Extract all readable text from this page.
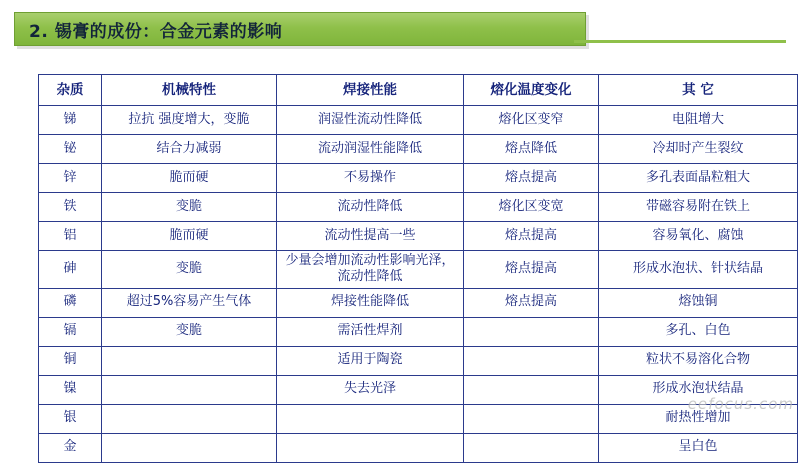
2. 锡膏的成份：合金元素的影响
杂质	机械特性	焊接性能	熔化温度变化	其 它
锑	拉抗 强度增大，变脆	润湿性流动性降低	熔化区变窄	电阻增大
铋	结合力减弱	流动润湿性能降低	熔点降低	冷却时产生裂纹
锌	脆而硬	不易操作	熔点提高	多孔表面晶粒粗大
铁	变脆	流动性降低	熔化区变宽	带磁容易附在铁上
铝	脆而硬	流动性提高一些	熔点提高	容易氧化、腐蚀
砷	变脆	少量会增加流动性影响光泽，流动性降低	熔点提高	形成水泡状、针状结晶
磷	超过5%容易产生气体	焊接性能降低	熔点提高	熔蚀铜
镉	变脆	需活性焊剂		多孔、白色
铜		适用于陶瓷		粒状不易溶化合物
镍		失去光泽		形成水泡状结晶
银				耐热性增加
金				呈白色
eefocus.com
